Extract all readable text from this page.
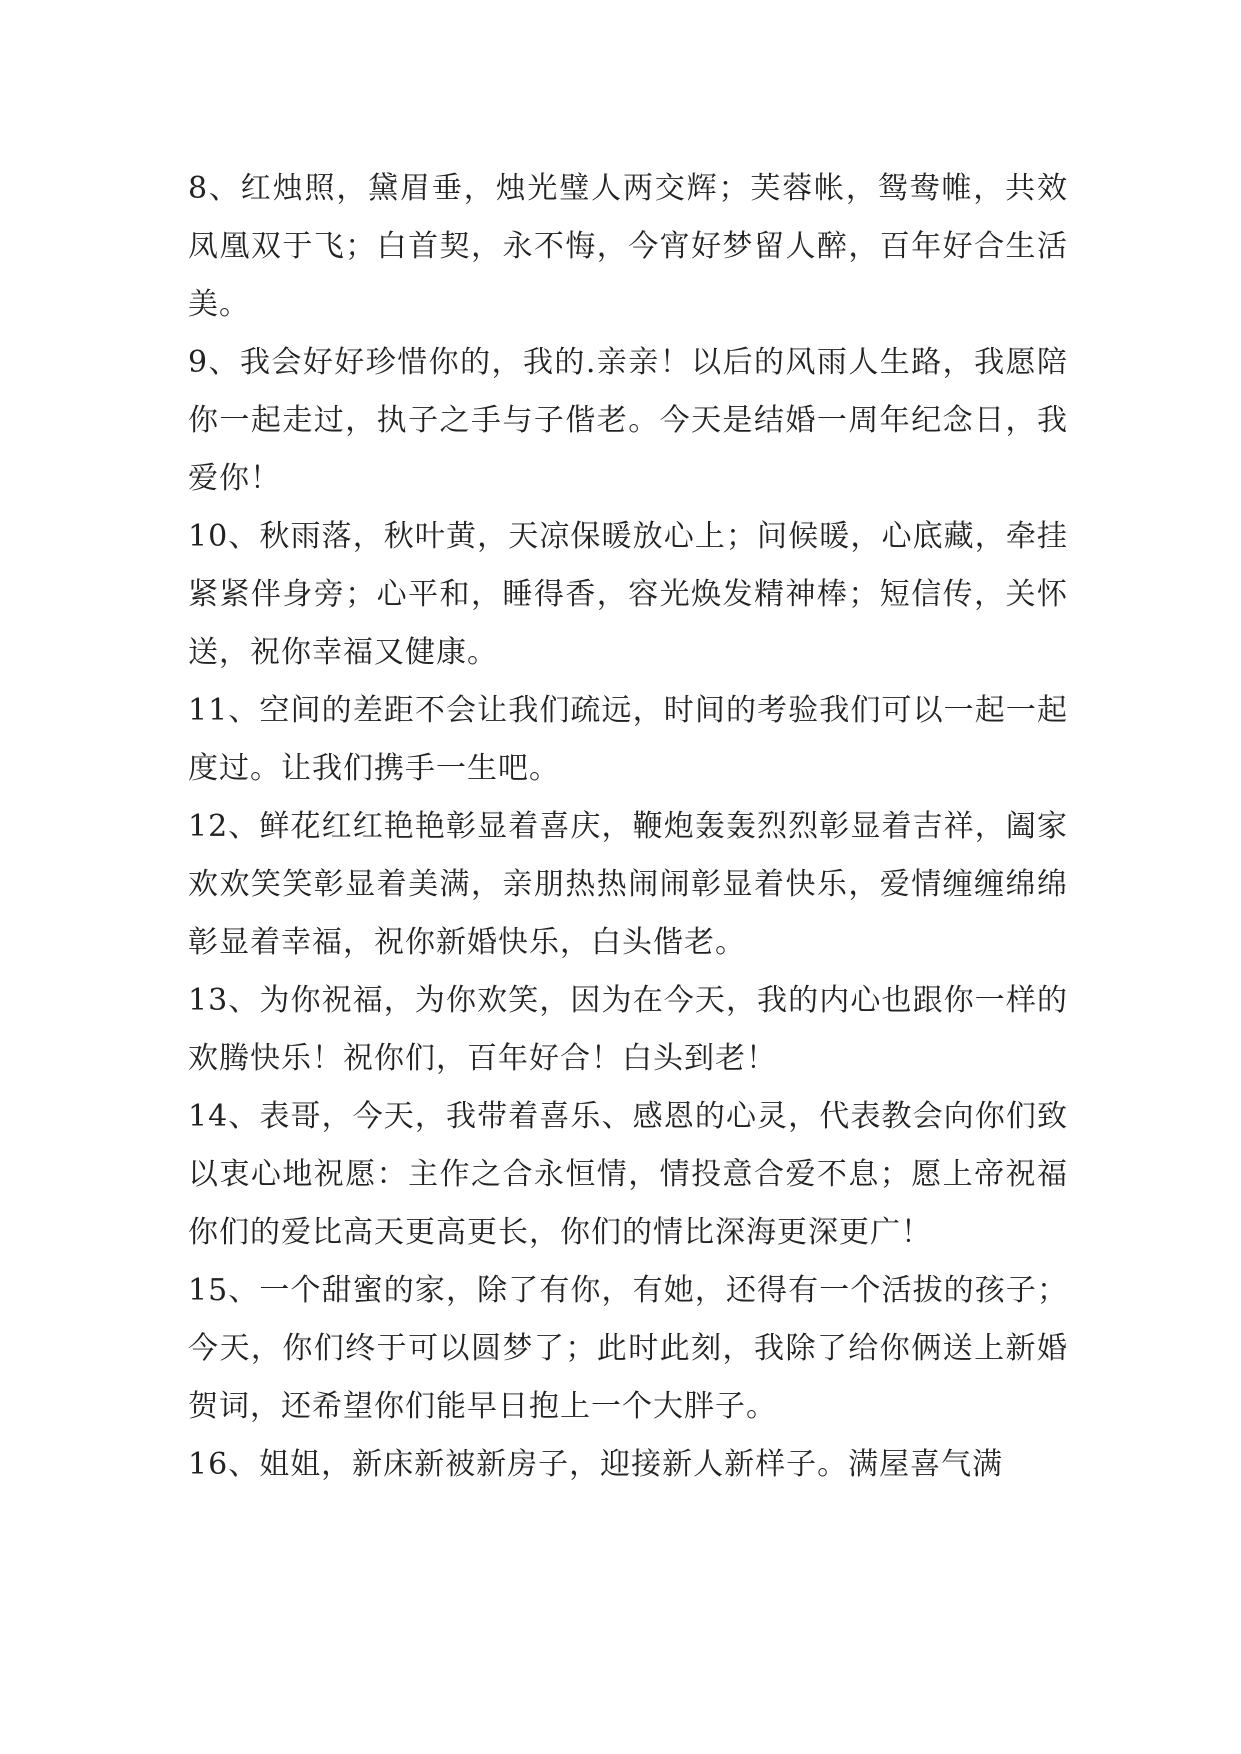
8、红烛照，黛眉垂，烛光璧人两交辉；芙蓉帐，鸳鸯帷，共效凤凰双于飞；白首契，永不悔，今宵好梦留人醉，百年好合生活美。

9、我会好好珍惜你的，我的.亲亲！以后的风雨人生路，我愿陪你一起走过，执子之手与子偕老。今天是结婚一周年纪念日，我爱你！

10、秋雨落，秋叶黄，天凉保暖放心上；问候暖，心底藏，牵挂紧紧伴身旁；心平和，睡得香，容光焕发精神棒；短信传，关怀送，祝你幸福又健康。

11、空间的差距不会让我们疏远，时间的考验我们可以一起一起度过。让我们携手一生吧。

12、鲜花红红艳艳彰显着喜庆，鞭炮轰轰烈烈彰显着吉祥，阖家欢欢笑笑彰显着美满，亲朋热热闹闹彰显着快乐，爱情缠缠绵绵彰显着幸福，祝你新婚快乐，白头偕老。

13、为你祝福，为你欢笑，因为在今天，我的内心也跟你一样的欢腾快乐！祝你们，百年好合！白头到老！

14、表哥，今天，我带着喜乐、感恩的心灵，代表教会向你们致以衷心地祝愿：主作之合永恒情，情投意合爱不息；愿上帝祝福你们的爱比高天更高更长，你们的情比深海更深更广！

15、一个甜蜜的家，除了有你，有她，还得有一个活拔的孩子；今天，你们终于可以圆梦了；此时此刻，我除了给你俩送上新婚贺词，还希望你们能早日抱上一个大胖子。

16、姐姐，新床新被新房子，迎接新人新样子。满屋喜气满
